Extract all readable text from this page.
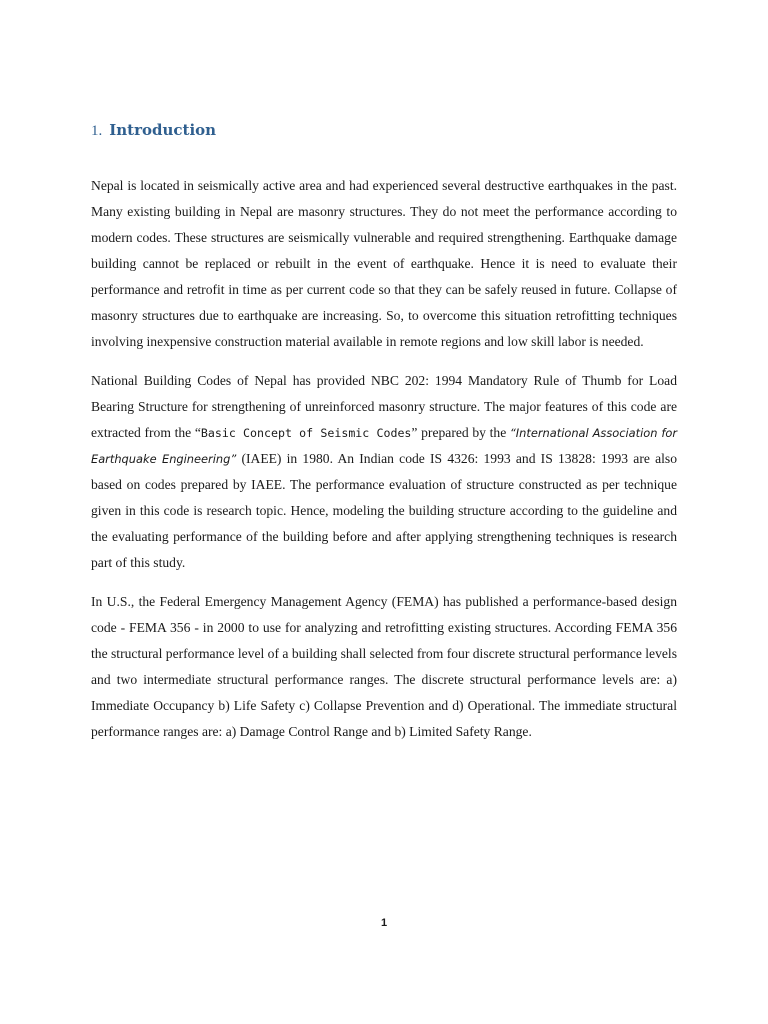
1. Introduction

Nepal is located in seismically active area and had experienced several destructive earthquakes in the past. Many existing building in Nepal are masonry structures. They do not meet the performance according to modern codes. These structures are seismically vulnerable and required strengthening. Earthquake damage building cannot be replaced or rebuilt in the event of earthquake. Hence it is need to evaluate their performance and retrofit in time as per current code so that they can be safely reused in future. Collapse of masonry structures due to earthquake are increasing. So, to overcome this situation retrofitting techniques involving inexpensive construction material available in remote regions and low skill labor is needed.

National Building Codes of Nepal has provided NBC 202: 1994 Mandatory Rule of Thumb for Load Bearing Structure for strengthening of unreinforced masonry structure. The major features of this code are extracted from the “Basic Concept of Seismic Codes” prepared by the “International Association for Earthquake Engineering” (IAEE) in 1980. An Indian code IS 4326: 1993 and IS 13828: 1993 are also based on codes prepared by IAEE. The performance evaluation of structure constructed as per technique given in this code is research topic. Hence, modeling the building structure according to the guideline and the evaluating performance of the building before and after applying strengthening techniques is research part of this study.

In U.S., the Federal Emergency Management Agency (FEMA) has published a performance-based design code - FEMA 356 - in 2000 to use for analyzing and retrofitting existing structures. According FEMA 356 the structural performance level of a building shall selected from four discrete structural performance levels and two intermediate structural performance ranges. The discrete structural performance levels are: a) Immediate Occupancy b) Life Safety c) Collapse Prevention and d) Operational. The immediate structural performance ranges are: a) Damage Control Range and b) Limited Safety Range.

1
